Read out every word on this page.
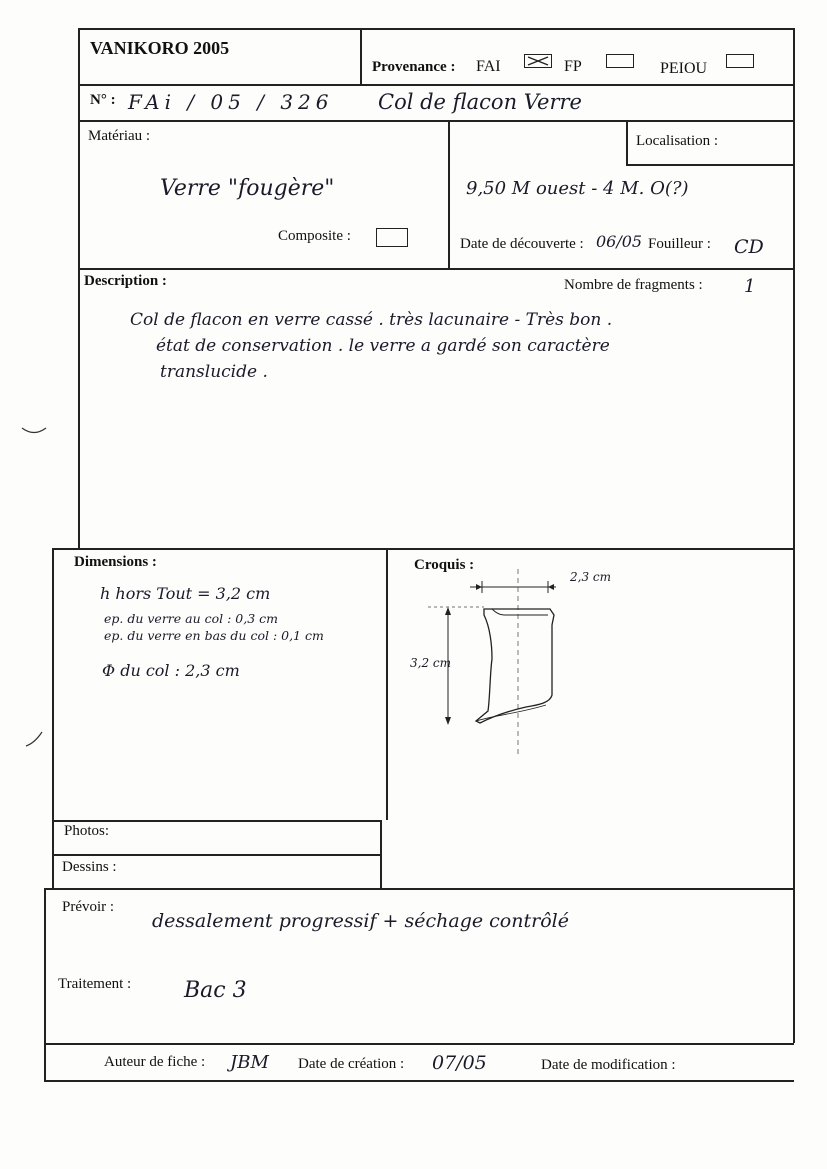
VANIKORO 2005
Provenance : FAI	FP	PEIOU
N° : FAi / 05 / 326 Col de flacon Verre
Matériau :
Verre "fougère"
Composite :
Localisation :
9,50 M ouest - 4 M. O(?)
Date de découverte : 06/05 Fouilleur : CD
Description :	Nombre de fragments : 1
Col de flacon en verre cassé . très lacunaire - Très bon .
état de conservation . le verre a gardé son caractère
translucide .
Dimensions :
h hors Tout = 3,2 cm
ep. du verre au col : 0,3 cm
ep. du verre en bas du col : 0,1 cm
Φ du col : 2,3 cm
Croquis :
2,3 cm
3,2 cm
Photos:
Dessins :
Prévoir :
dessalement progressif + séchage contrôlé
Traitement : Bac 3
Auteur de fiche : JBM Date de création : 07/05	Date de modification :
